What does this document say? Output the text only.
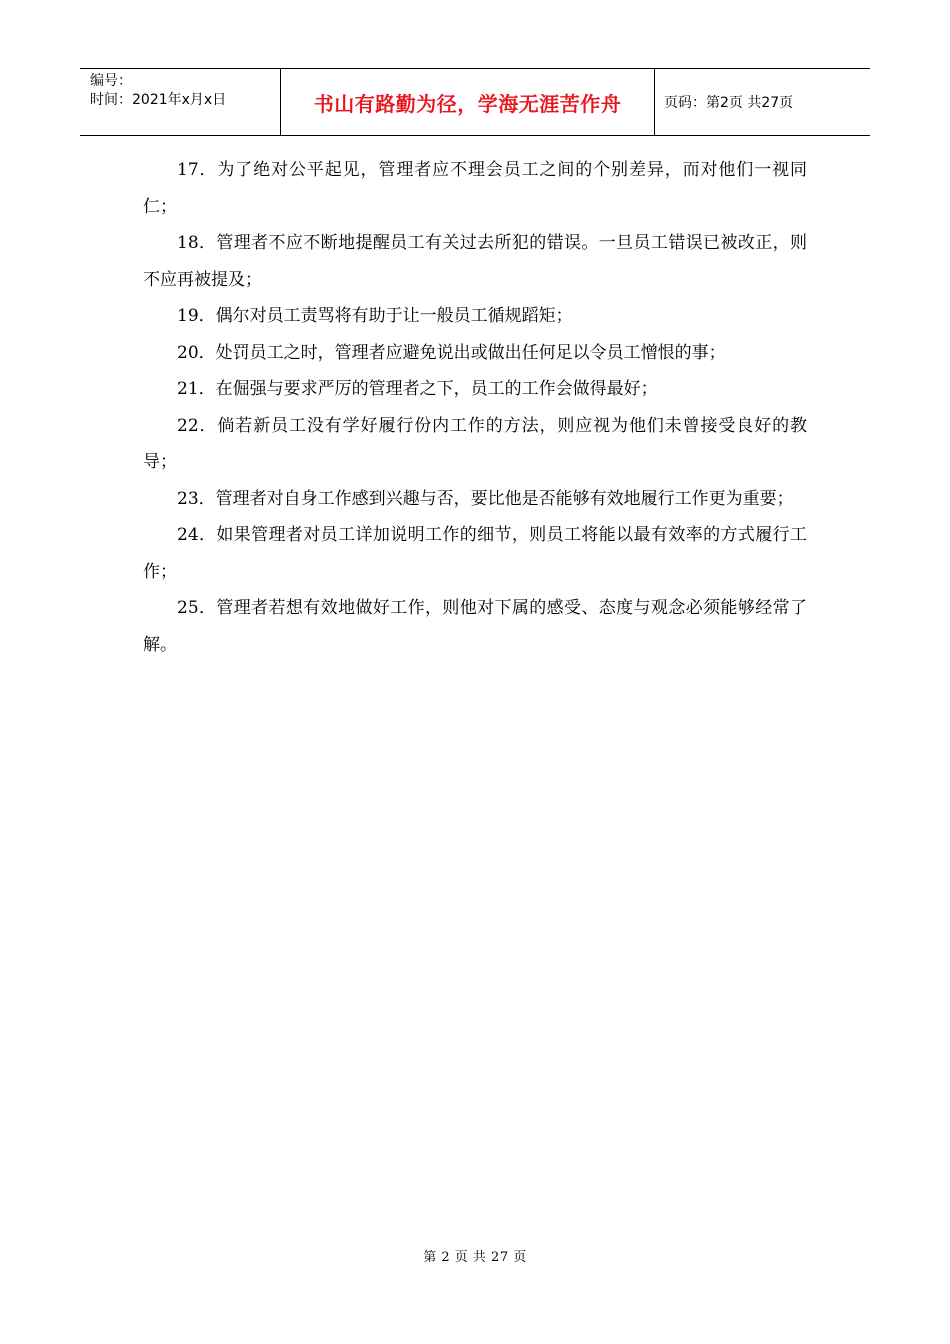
编号：
时间：2021年x月x日	书山有路勤为径，学海无涯苦作舟	页码：第2页 共27页

17．为了绝对公平起见，管理者应不理会员工之间的个别差异，而对他们一视同仁；

18．管理者不应不断地提醒员工有关过去所犯的错误。一旦员工错误已被改正，则不应再被提及；

19．偶尔对员工责骂将有助于让一般员工循规蹈矩；

20．处罚员工之时，管理者应避免说出或做出任何足以令员工憎恨的事；

21．在倔强与要求严厉的管理者之下，员工的工作会做得最好；

22．倘若新员工没有学好履行份内工作的方法，则应视为他们未曾接受良好的教导；

23．管理者对自身工作感到兴趣与否，要比他是否能够有效地履行工作更为重要；

24．如果管理者对员工详加说明工作的细节，则员工将能以最有效率的方式履行工作；

25．管理者若想有效地做好工作，则他对下属的感受、态度与观念必须能够经常了解。

第 2 页 共 27 页
